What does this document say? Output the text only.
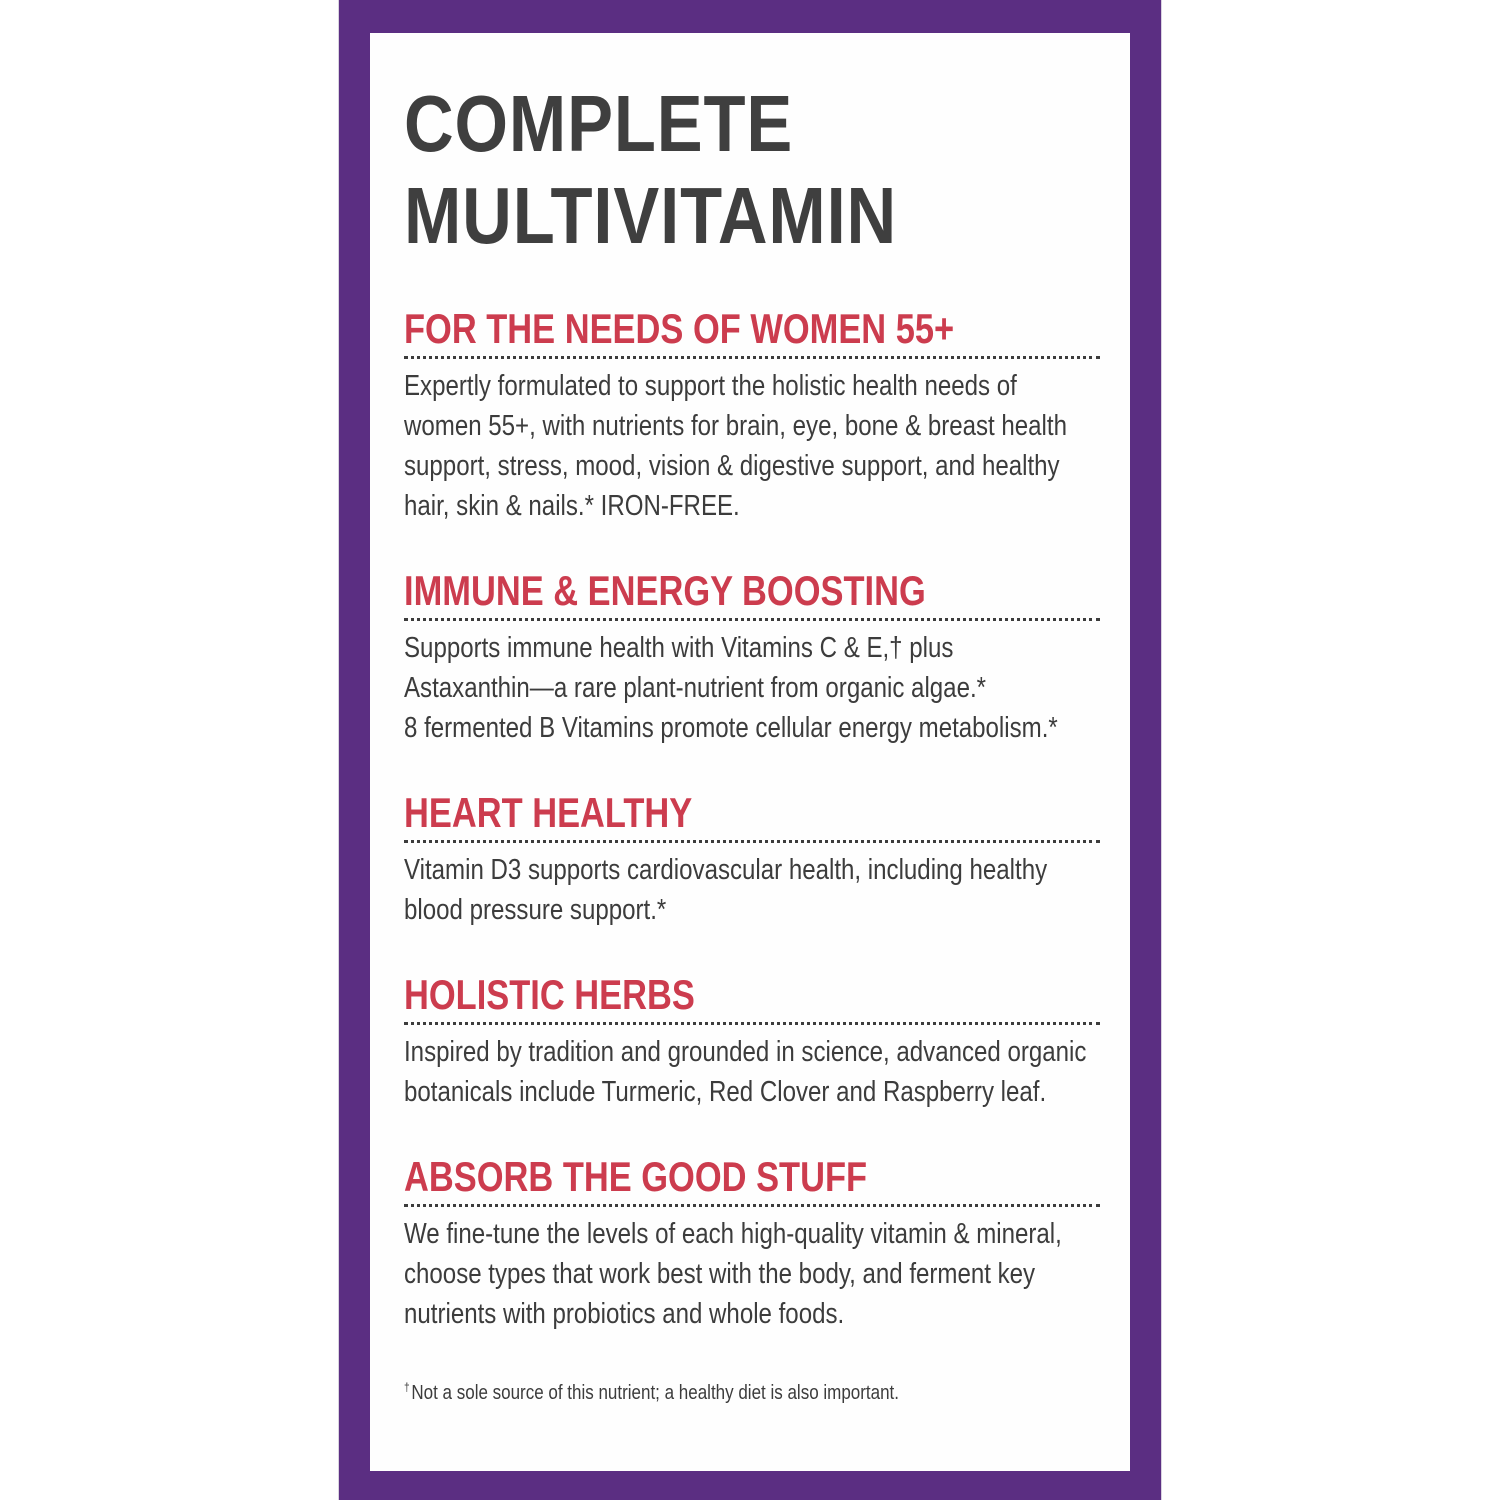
COMPLETE
MULTIVITAMIN
FOR THE NEEDS OF WOMEN 55+

Expertly formulated to support the holistic health needs of
women 55+, with nutrients for brain, eye, bone & breast health
support, stress, mood, vision & digestive support, and healthy
hair, skin & nails.* IRON-FREE.

IMMUNE & ENERGY BOOSTING

Supports immune health with Vitamins C & E,† plus
Astaxanthin—a rare plant-nutrient from organic algae.*
8 fermented B Vitamins promote cellular energy metabolism.*

HEART HEALTHY

Vitamin D3 supports cardiovascular health, including healthy
blood pressure support.*

HOLISTIC HERBS

Inspired by tradition and grounded in science, advanced organic
botanicals include Turmeric, Red Clover and Raspberry leaf.

ABSORB THE GOOD STUFF

We fine-tune the levels of each high-quality vitamin & mineral,
choose types that work best with the body, and ferment key
nutrients with probiotics and whole foods.

†Not a sole source of this nutrient; a healthy diet is also important.
